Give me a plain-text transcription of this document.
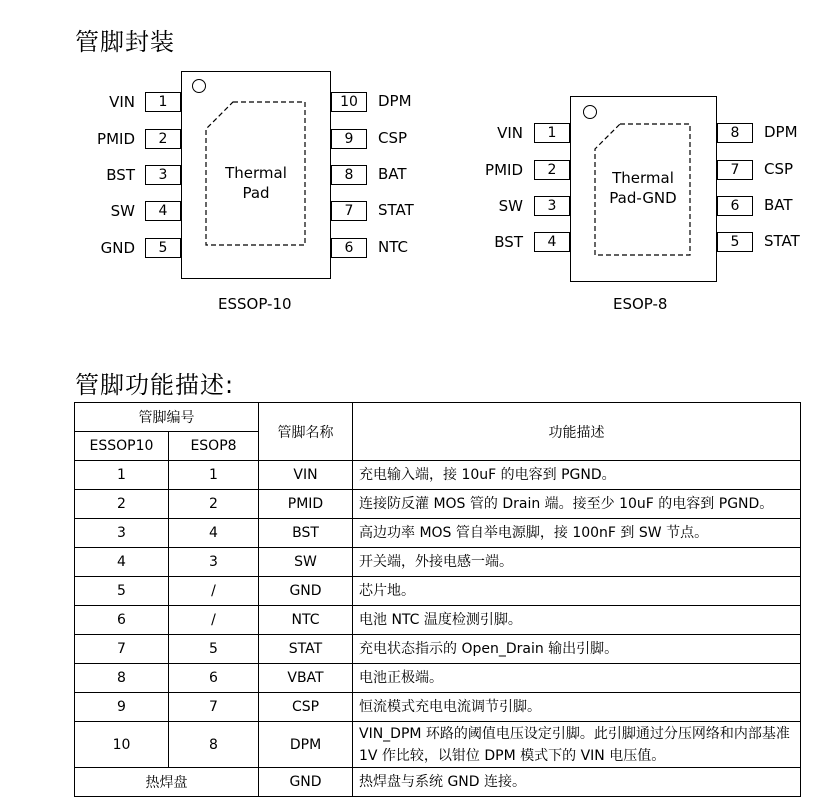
管脚封装
Thermal
Pad
VIN	1
PMID	2
BST	3
SW	4
GND	5
10	DPM
9	CSP
8	BAT
7	STAT
6	NTC
ESSOP-10
Thermal
Pad-GND
VIN	1
PMID	2
SW	3
BST	4
8	DPM
7	CSP
6	BAT
5	STAT
ESOP-8
管脚功能描述:
管脚编号		管脚名称	功能描述
ESSOP10	ESOP8		
1	1	VIN	充电输入端，接 10uF 的电容到 PGND。
2	2	PMID	连接防反灌 MOS 管的 Drain 端。接至少 10uF 的电容到 PGND。
3	4	BST	高边功率 MOS 管自举电源脚，接 100nF 到 SW 节点。
4	3	SW	开关端，外接电感一端。
5	/	GND	芯片地。
6	/	NTC	电池 NTC 温度检测引脚。
7	5	STAT	充电状态指示的 Open_Drain 输出引脚。
8	6	VBAT	电池正极端。
9	7	CSP	恒流模式充电电流调节引脚。
10	8	DPM	VIN_DPM 环路的阈值电压设定引脚。此引脚通过分压网络和内部基准 1V 作比较，以钳位 DPM 模式下的 VIN 电压值。
热焊盘		GND	热焊盘与系统 GND 连接。
